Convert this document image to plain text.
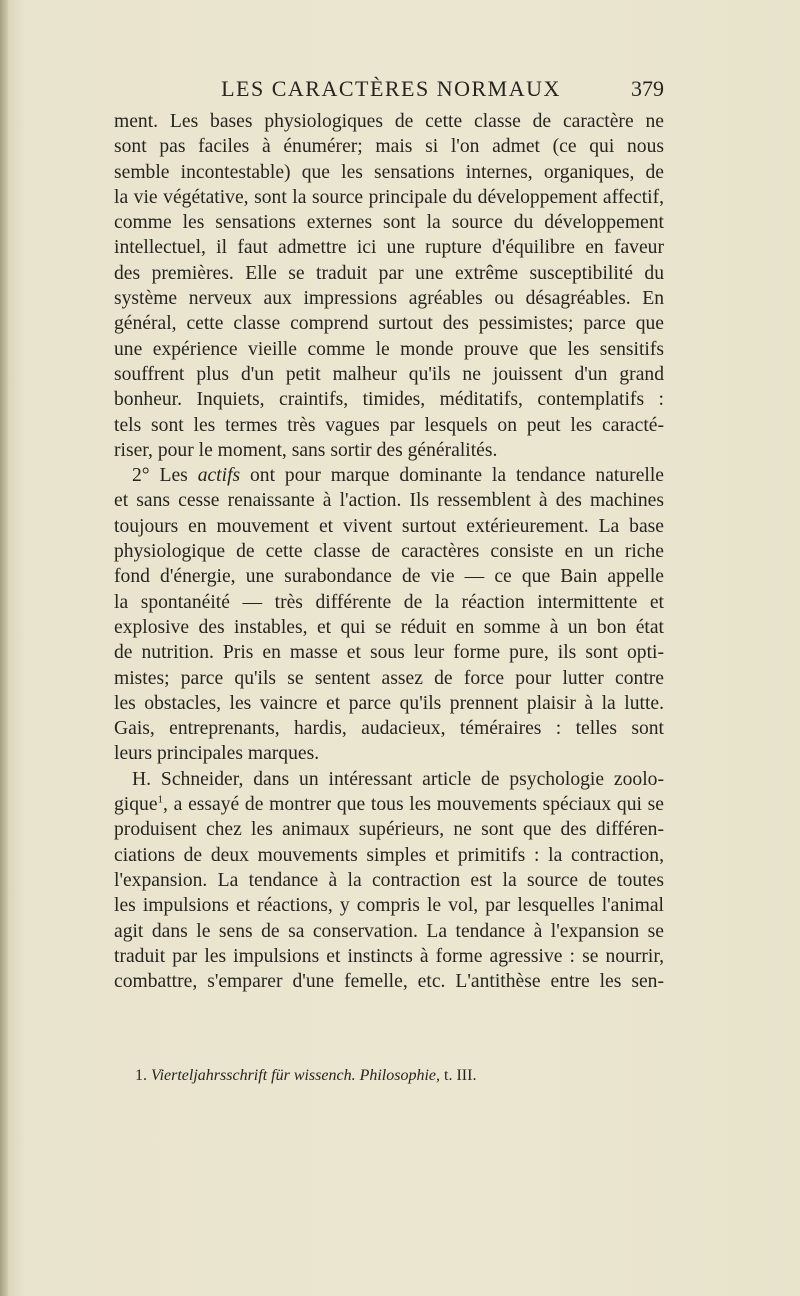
LES CARACTÈRES NORMAUX	379
ment. Les bases physiologiques de cette classe de caractère ne
sont pas faciles à énumérer; mais si l'on admet (ce qui nous
semble incontestable) que les sensations internes, organiques, de
la vie végétative, sont la source principale du développement affectif,
comme les sensations externes sont la source du développement
intellectuel, il faut admettre ici une rupture d'équilibre en faveur
des premières. Elle se traduit par une extrême susceptibilité du
système nerveux aux impressions agréables ou désagréables. En
général, cette classe comprend surtout des pessimistes; parce que
une expérience vieille comme le monde prouve que les sensitifs
souffrent plus d'un petit malheur qu'ils ne jouissent d'un grand
bonheur. Inquiets, craintifs, timides, méditatifs, contemplatifs :
tels sont les termes très vagues par lesquels on peut les caracté-
riser, pour le moment, sans sortir des généralités.
2° Les actifs ont pour marque dominante la tendance naturelle
et sans cesse renaissante à l'action. Ils ressemblent à des machines
toujours en mouvement et vivent surtout extérieurement. La base
physiologique de cette classe de caractères consiste en un riche
fond d'énergie, une surabondance de vie — ce que Bain appelle
la spontanéité — très différente de la réaction intermittente et
explosive des instables, et qui se réduit en somme à un bon état
de nutrition. Pris en masse et sous leur forme pure, ils sont opti-
mistes; parce qu'ils se sentent assez de force pour lutter contre
les obstacles, les vaincre et parce qu'ils prennent plaisir à la lutte.
Gais, entreprenants, hardis, audacieux, téméraires : telles sont
leurs principales marques.
H. Schneider, dans un intéressant article de psychologie zoolo-
gique$^1$, a essayé de montrer que tous les mouvements spéciaux qui se
produisent chez les animaux supérieurs, ne sont que des différen-
ciations de deux mouvements simples et primitifs : la contraction,
l'expansion. La tendance à la contraction est la source de toutes
les impulsions et réactions, y compris le vol, par lesquelles l'animal
agit dans le sens de sa conservation. La tendance à l'expansion se
traduit par les impulsions et instincts à forme agressive : se nourrir,
combattre, s'emparer d'une femelle, etc. L'antithèse entre les sen-
1. Vierteljahrsschrift für wissench. Philosophie, t. III.
